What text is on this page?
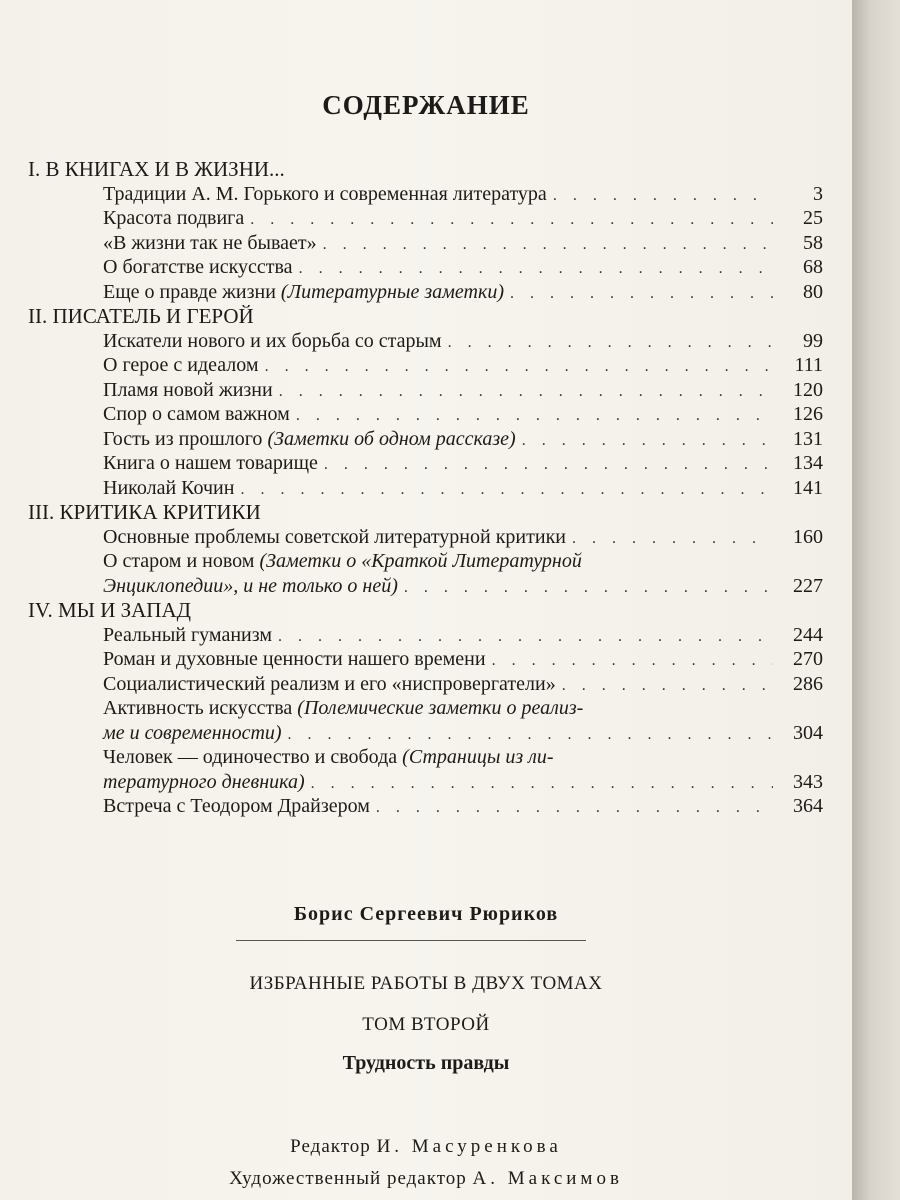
СОДЕРЖАНИЕ
I. В КНИГАХ И В ЖИЗНИ...
Традиции А. М. Горького и современная литература . . .	3
Красота подвига . . .	25
«В жизни так не бывает» . . .	58
О богатстве искусства . . .	68
Еще о правде жизни (Литературные заметки) . . .	80
II. ПИСАТЕЛЬ И ГЕРОЙ
Искатели нового и их борьба со старым . . .	99
О герое с идеалом . . .	111
Пламя новой жизни . . .	120
Спор о самом важном . . .	126
Гость из прошлого (Заметки об одном рассказе) . . .	131
Книга о нашем товарище . . .	134
Николай Кочин . . .	141
III. КРИТИКА КРИТИКИ
Основные проблемы советской литературной критики . . .	160
О старом и новом (Заметки о «Краткой Литературной
Энциклопедии», и не только о ней) . . .	227
IV. МЫ И ЗАПАД
Реальный гуманизм . . .	244
Роман и духовные ценности нашего времени . . .	270
Социалистический реализм и его «ниспровергатели» . . .	286
Активность искусства (Полемические заметки о реализ-
ме и современности) . . .	304
Человек — одиночество и свобода (Страницы из ли-
тературного дневника) . . .	343
Встреча с Теодором Драйзером . . .	364
Борис Сергеевич Рюриков
ИЗБРАННЫЕ РАБОТЫ В ДВУХ ТОМАХ
ТОМ ВТОРОЙ
Трудность правды
Редактор И. Масуренкова
Художественный редактор А. Максимов
